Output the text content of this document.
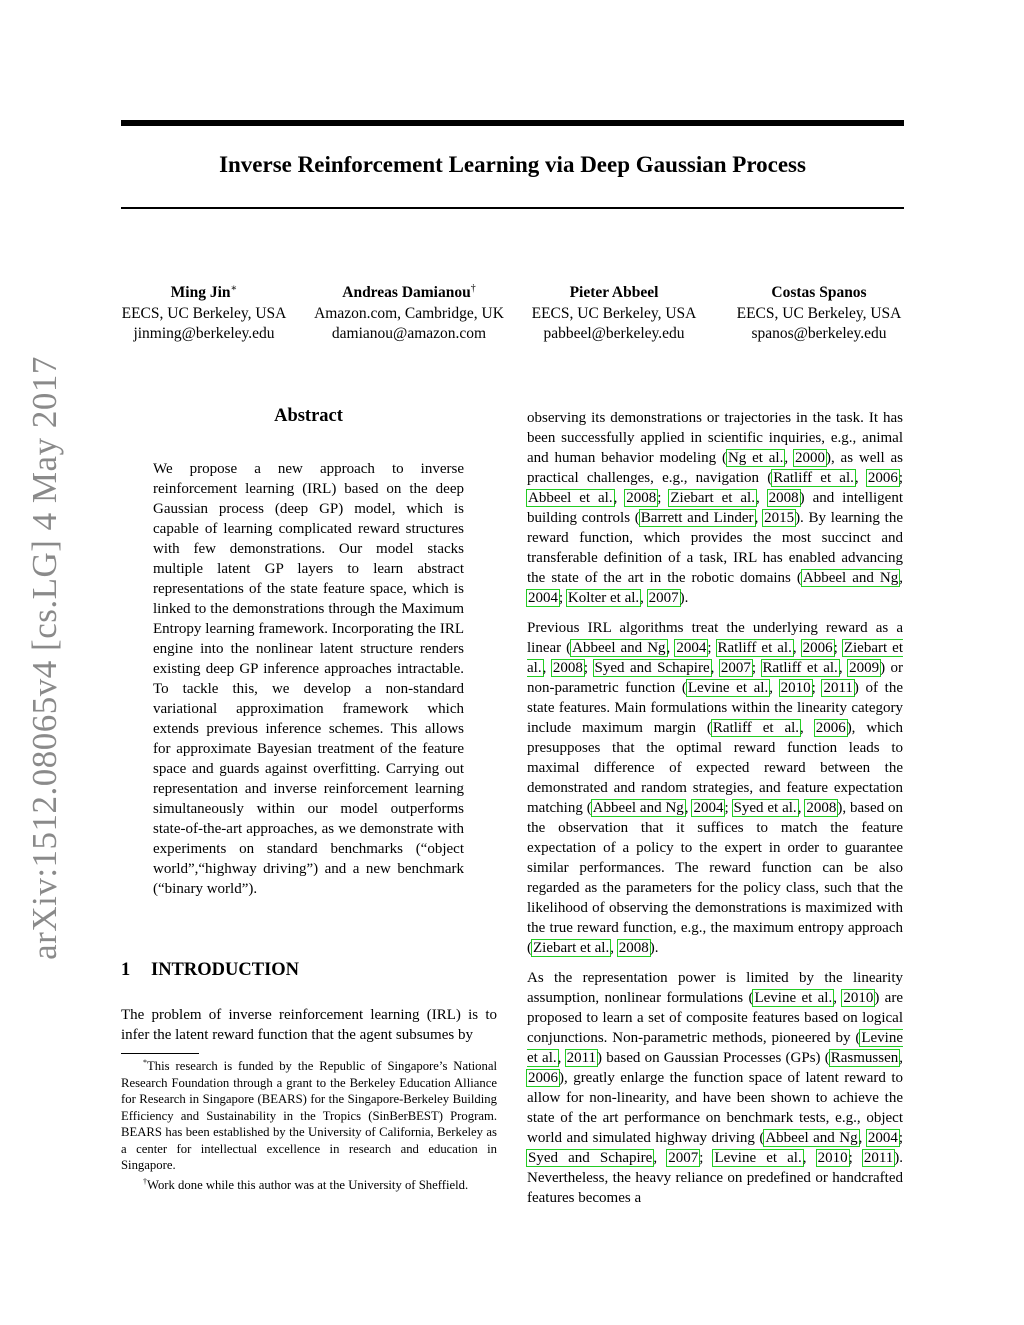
Inverse Reinforcement Learning via Deep Gaussian Process
Ming Jin∗
EECS, UC Berkeley, USA
jinming@berkeley.edu
Andreas Damianou†
Amazon.com, Cambridge, UK
damianou@amazon.com
Pieter Abbeel
EECS, UC Berkeley, USA
pabbeel@berkeley.edu
Costas Spanos
EECS, UC Berkeley, USA
spanos@berkeley.edu
arXiv:1512.08065v4 [cs.LG] 4 May 2017	Abstract
We propose a new approach to inverse reinforcement learning (IRL) based on the deep Gaussian process (deep GP) model, which is capable of learning complicated reward structures with few demonstrations. Our model stacks multiple latent GP layers to learn abstract representations of the state feature space, which is linked to the demonstrations through the Maximum Entropy learning framework. Incorporating the IRL engine into the nonlinear latent structure renders existing deep GP inference approaches intractable. To tackle this, we develop a non-standard variational approximation framework which extends previous inference schemes. This allows for approximate Bayesian treatment of the feature space and guards against overfitting. Carrying out representation and inverse reinforcement learning simultaneously within our model outperforms state-of-the-art approaches, as we demonstrate with experiments on standard benchmarks (“object world”,“highway driving”) and a new benchmark (“binary world”).
1 INTRODUCTION
The problem of inverse reinforcement learning (IRL) is to infer the latent reward function that the agent subsumes by
*This research is funded by the Republic of Singapore’s National Research Foundation through a grant to the Berkeley Education Alliance for Research in Singapore (BEARS) for the Singapore-Berkeley Building Efficiency and Sustainability in the Tropics (SinBerBEST) Program. BEARS has been established by the University of California, Berkeley as a center for intellectual excellence in research and education in Singapore.
†Work done while this author was at the University of Sheffield.
observing its demonstrations or trajectories in the task. It has been successfully applied in scientific inquiries, e.g., animal and human behavior modeling (Ng et al., 2000), as well as practical challenges, e.g., navigation (Ratliff et al., 2006; Abbeel et al., 2008; Ziebart et al., 2008) and intelligent building controls (Barrett and Linder, 2015). By learning the reward function, which provides the most succinct and transferable definition of a task, IRL has enabled advancing the state of the art in the robotic domains (Abbeel and Ng, 2004; Kolter et al., 2007).
Previous IRL algorithms treat the underlying reward as a linear (Abbeel and Ng, 2004; Ratliff et al., 2006; Ziebart et al., 2008; Syed and Schapire, 2007; Ratliff et al., 2009) or non-parametric function (Levine et al., 2010; 2011) of the state features. Main formulations within the linearity category include maximum margin (Ratliff et al., 2006), which presupposes that the optimal reward function leads to maximal difference of expected reward between the demonstrated and random strategies, and feature expectation matching (Abbeel and Ng, 2004; Syed et al., 2008), based on the observation that it suffices to match the feature expectation of a policy to the expert in order to guarantee similar performances. The reward function can be also regarded as the parameters for the policy class, such that the likelihood of observing the demonstrations is maximized with the true reward function, e.g., the maximum entropy approach (Ziebart et al., 2008).
As the representation power is limited by the linearity assumption, nonlinear formulations (Levine et al., 2010) are proposed to learn a set of composite features based on logical conjunctions. Non-parametric methods, pioneered by (Levine et al., 2011) based on Gaussian Processes (GPs) (Rasmussen, 2006), greatly enlarge the function space of latent reward to allow for non-linearity, and have been shown to achieve the state of the art performance on benchmark tests, e.g., object world and simulated highway driving (Abbeel and Ng, 2004; Syed and Schapire, 2007; Levine et al., 2010; 2011). Nevertheless, the heavy reliance on predefined or handcrafted features becomes a
